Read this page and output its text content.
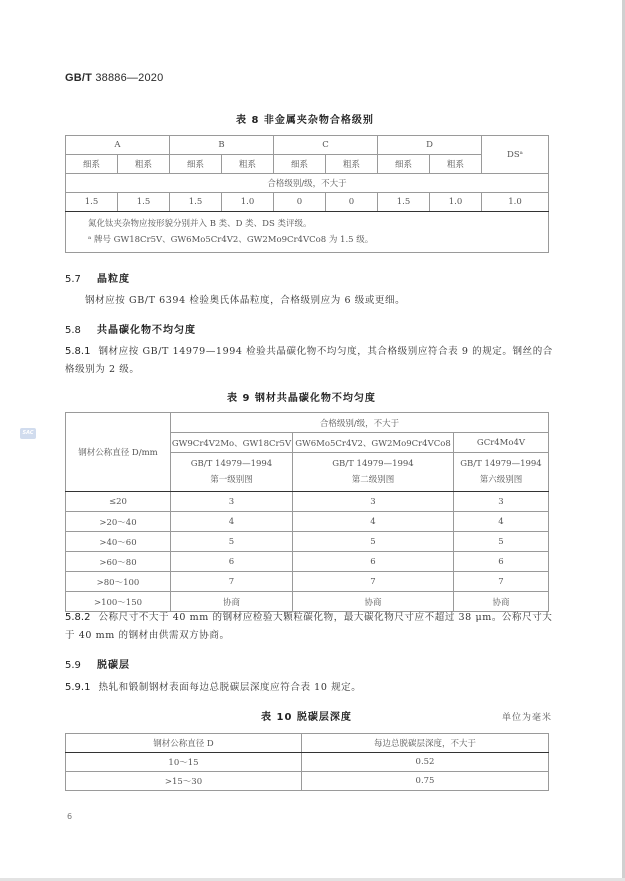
SAC
GB/T 38886—2020
表 8 非金属夹杂物合格级别
A		B		C		D		DSᵃ
细系	粗系	细系	粗系	细系	粗系	细系	粗系	
合格级别/级，不大于								
1.5	1.5	1.5	1.0	0	0	1.5	1.0	1.0

氮化钛夹杂物应按形貌分别并入 B 类、D 类、DS 类评级。
ᵃ 牌号 GW18Cr5V、GW6Mo5Cr4V2、GW2Mo9Cr4VCo8 为 1.5 级。								
5.7 晶粒度
钢材应按 GB/T 6394 检验奥氏体晶粒度，合格级别应为 6 级或更细。
5.8 共晶碳化物不均匀度
5.8.1 钢材应按 GB/T 14979—1994 检验共晶碳化物不均匀度，其合格级别应符合表 9 的规定。钢丝的合格级别为 2 级。
表 9 钢材共晶碳化物不均匀度
钢材公称直径 D/mm	合格级别/级，不大于		
	GW9Cr4V2Mo、GW18Cr5V	GW6Mo5Cr4V2、GW2Mo9Cr4VCo8	GCr4Mo4V

GB/T 14979—1994
第一级别图

GB/T 14979—1994
第二级别图

GB/T 14979—1994
第六级别图

≤20	3	3	3
>20～40	4	4	4
>40～60	5	5	5
>60～80	6	6	6
>80～100	7	7	7
>100～150	协商	协商	协商
5.8.2 公称尺寸不大于 40 mm 的钢材应检验大颗粒碳化物，最大碳化物尺寸应不超过 38 μm。公称尺寸大于 40 mm 的钢材由供需双方协商。
5.9 脱碳层
5.9.1 热轧和锻制钢材表面每边总脱碳层深度应符合表 10 规定。
表 10 脱碳层深度	单位为毫米
钢材公称直径 D	每边总脱碳层深度，不大于
10～15	0.52
>15～30	0.75
6
